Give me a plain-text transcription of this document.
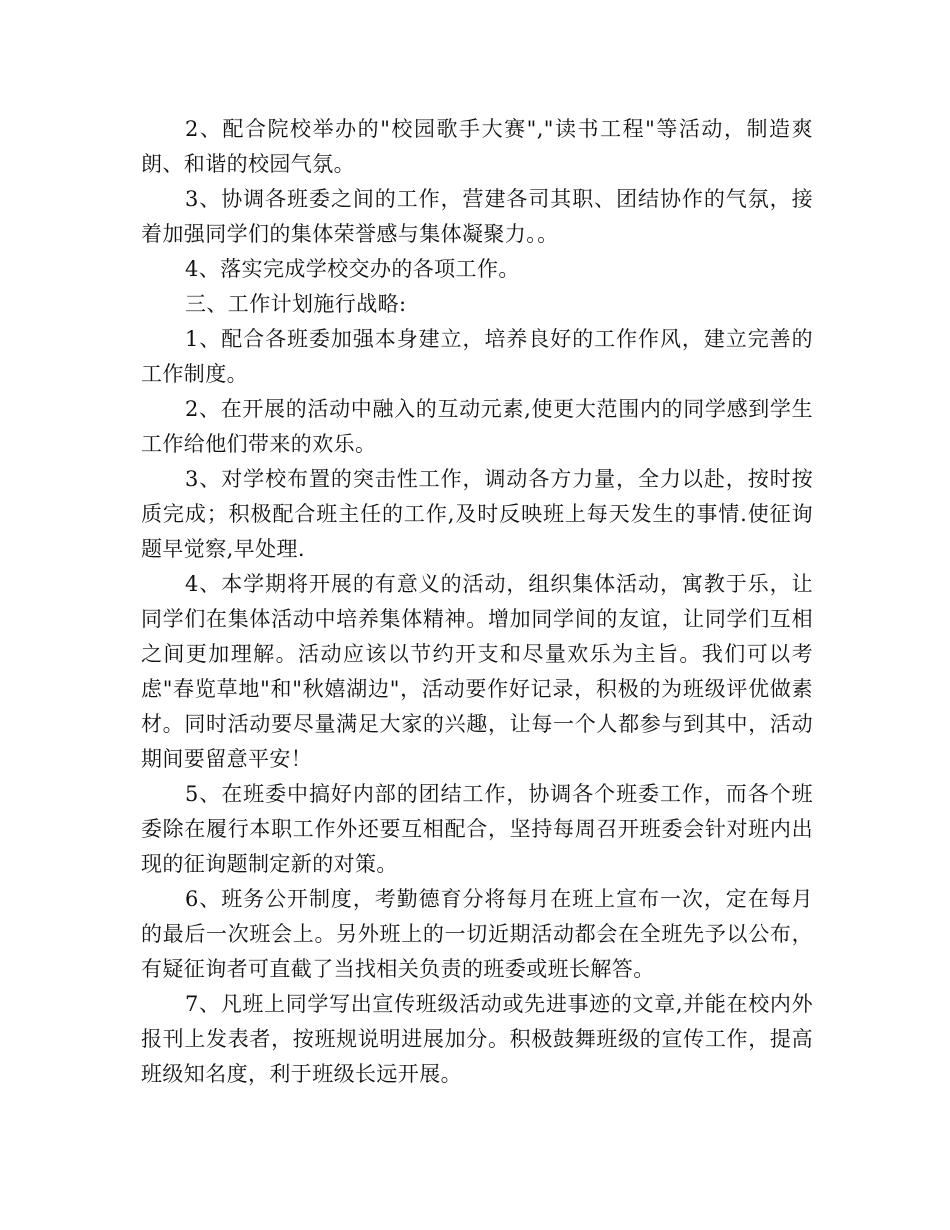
2、配合院校举办的"校园歌手大赛","读书工程"等活动，制造爽朗、和谐的校园气氛。

3、协调各班委之间的工作，营建各司其职、团结协作的气氛，接着加强同学们的集体荣誉感与集体凝聚力。。

4、落实完成学校交办的各项工作。

三、工作计划施行战略:

1、配合各班委加强本身建立，培养良好的工作作风，建立完善的工作制度。

2、在开展的活动中融入的互动元素,使更大范围内的同学感到学生工作给他们带来的欢乐。

3、对学校布置的突击性工作，调动各方力量，全力以赴，按时按质完成；积极配合班主任的工作,及时反映班上每天发生的事情.使征询题早觉察,早处理.

4、本学期将开展的有意义的活动，组织集体活动，寓教于乐，让同学们在集体活动中培养集体精神。增加同学间的友谊，让同学们互相之间更加理解。活动应该以节约开支和尽量欢乐为主旨。我们可以考虑"春览草地"和"秋嬉湖边"，活动要作好记录，积极的为班级评优做素材。同时活动要尽量满足大家的兴趣，让每一个人都参与到其中，活动期间要留意平安！

5、在班委中搞好内部的团结工作，协调各个班委工作，而各个班委除在履行本职工作外还要互相配合，坚持每周召开班委会针对班内出现的征询题制定新的对策。

6、班务公开制度，考勤德育分将每月在班上宣布一次，定在每月的最后一次班会上。另外班上的一切近期活动都会在全班先予以公布，有疑征询者可直截了当找相关负责的班委或班长解答。

7、凡班上同学写出宣传班级活动或先进事迹的文章,并能在校内外报刊上发表者，按班规说明进展加分。积极鼓舞班级的宣传工作，提高班级知名度，利于班级长远开展。
